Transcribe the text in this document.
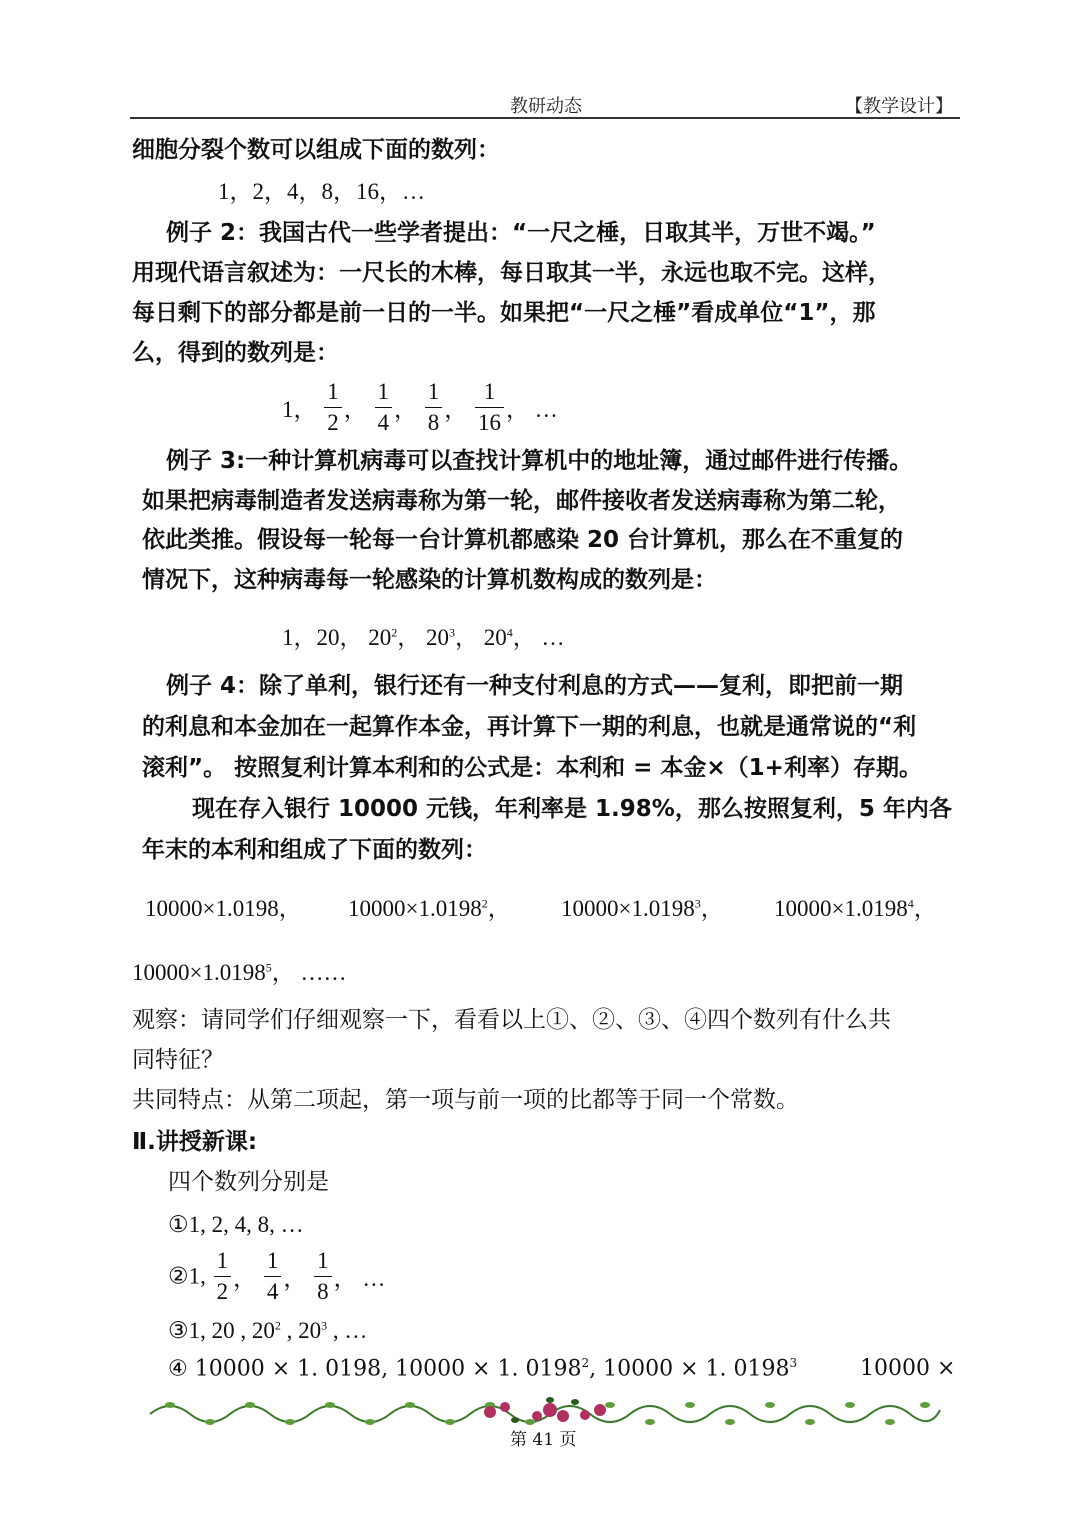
教研动态	【教学设计】
细胞分裂个数可以组成下面的数列：
1，2，4，8，16，…
例子 2：我国古代一些学者提出：“一尺之棰，日取其半，万世不竭。”
用现代语言叙述为：一尺长的木棒，每日取其一半，永远也取不完。这样，
每日剩下的部分都是前一日的一半。如果把“一尺之棰”看成单位“1”，那
么，得到的数列是：
1， $\frac{1}{2}$ ， $\frac{1}{4}$ ， $\frac{1}{8}$ ， $\frac{1}{16}$ ， …
例子 3:一种计算机病毒可以查找计算机中的地址簿，通过邮件进行传播。
如果把病毒制造者发送病毒称为第一轮，邮件接收者发送病毒称为第二轮，
依此类推。假设每一轮每一台计算机都感染 20 台计算机，那么在不重复的
情况下，这种病毒每一轮感染的计算机数构成的数列是：
1，20， $20^2$， $20^3$， $20^4$， …
例子 4：除了单利，银行还有一种支付利息的方式——复利，即把前一期
的利息和本金加在一起算作本金，再计算下一期的利息，也就是通常说的“利
滚利”。 按照复利计算本利和的公式是：本利和 = 本金×（1+利率）存期。
现在存入银行 10000 元钱，年利率是 1.98%，那么按照复利，5 年内各
年末的本利和组成了下面的数列：
10000×1.0198， $10000\times 1.0198^2$， $10000\times 1.0198^3$， $10000\times 1.0198^4$，
$10000\times 1.0198^5$， ……
观察：请同学们仔细观察一下，看看以上①、②、③、④四个数列有什么共
同特征？
共同特点：从第二项起，第一项与前一项的比都等于同一个常数。
Ⅱ.讲授新课:
四个数列分别是
①1, 2, 4, 8, …
②1, $\frac{1}{2}$ ， $\frac{1}{4}$ ， $\frac{1}{8}$ ， …
③1, 20 , $20^2$ , $20^3$ , …
④ 10000 × 1. 0198, 10000 × 1. 0198$^2$, 10000 × 1. 0198$^3$	10000 ×
第 41 页
